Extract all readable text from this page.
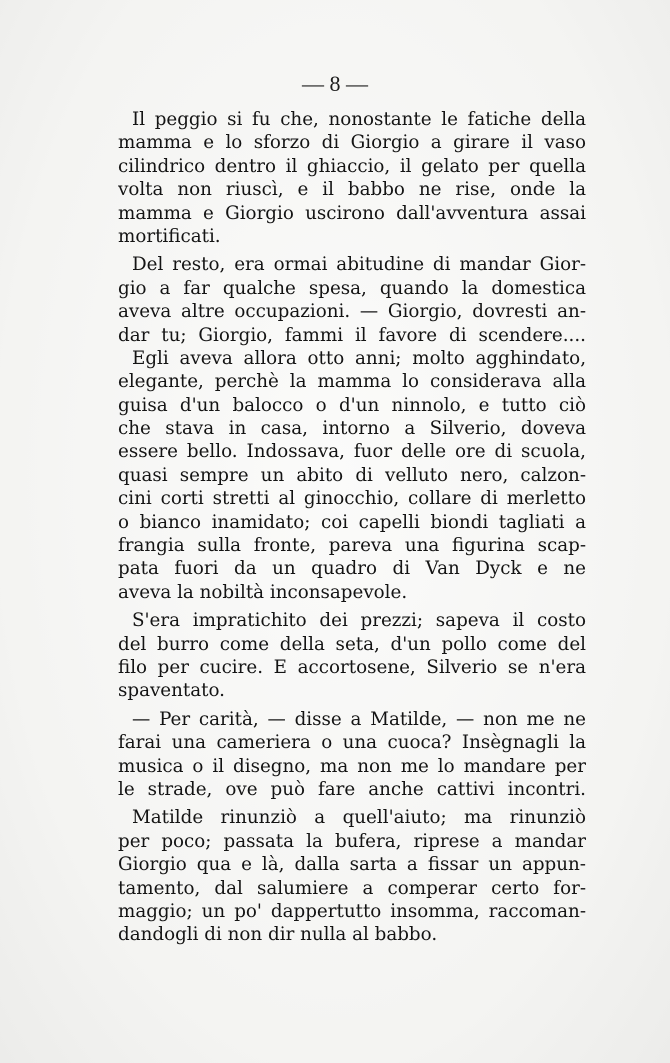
— 8 —
Il peggio si fu che, nonostante le fatiche della
mamma e lo sforzo di Giorgio a girare il vaso
cilindrico dentro il ghiaccio, il gelato per quella
volta non riuscì, e il babbo ne rise, onde la
mamma e Giorgio uscirono dall'avventura assai
mortificati.
Del resto, era ormai abitudine di mandar Gior-
gio a far qualche spesa, quando la domestica
aveva altre occupazioni. — Giorgio, dovresti an-
dar tu; Giorgio, fammi il favore di scendere....
Egli aveva allora otto anni; molto agghindato,
elegante, perchè la mamma lo considerava alla
guisa d'un balocco o d'un ninnolo, e tutto ciò
che stava in casa, intorno a Silverio, doveva
essere bello. Indossava, fuor delle ore di scuola,
quasi sempre un abito di velluto nero, calzon-
cini corti stretti al ginocchio, collare di merletto
o bianco inamidato; coi capelli biondi tagliati a
frangia sulla fronte, pareva una figurina scap-
pata fuori da un quadro di Van Dyck e ne
aveva la nobiltà inconsapevole.
S'era impratichito dei prezzi; sapeva il costo
del burro come della seta, d'un pollo come del
filo per cucire. E accortosene, Silverio se n'era
spaventato.
— Per carità, — disse a Matilde, — non me ne
farai una cameriera o una cuoca? Insègnagli la
musica o il disegno, ma non me lo mandare per
le strade, ove può fare anche cattivi incontri.
Matilde rinunziò a quell'aiuto; ma rinunziò
per poco; passata la bufera, riprese a mandar
Giorgio qua e là, dalla sarta a fissar un appun-
tamento, dal salumiere a comperar certo for-
maggio; un po' dappertutto insomma, raccoman-
dandogli di non dir nulla al babbo.
